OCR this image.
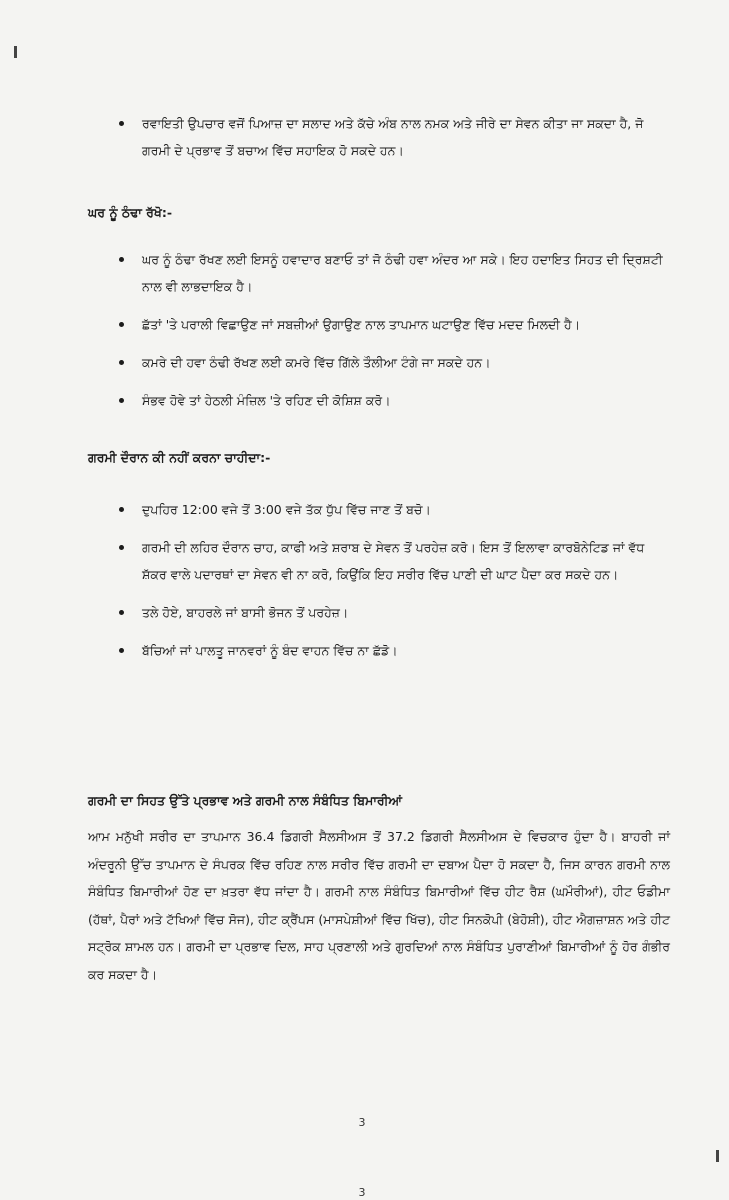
ਰਵਾਇਤੀ ਉਪਚਾਰ ਵਜੋਂ ਪਿਆਜ਼ ਦਾ ਸਲਾਦ ਅਤੇ ਕੱਚੇ ਅੰਬ ਨਾਲ ਨਮਕ ਅਤੇ ਜੀਰੇ ਦਾ ਸੇਵਨ ਕੀਤਾ ਜਾ ਸਕਦਾ ਹੈ, ਜੋ ਗਰਮੀ ਦੇ ਪ੍ਰਭਾਵ ਤੋਂ ਬਚਾਅ ਵਿੱਚ ਸਹਾਇਕ ਹੋ ਸਕਦੇ ਹਨ।
ਘਰ ਨੂੰ ਠੰਢਾ ਰੱਖੋ:-
ਘਰ ਨੂੰ ਠੰਢਾ ਰੱਖਣ ਲਈ ਇਸਨੂੰ ਹਵਾਦਾਰ ਬਣਾਓ ਤਾਂ ਜੋ ਠੰਢੀ ਹਵਾ ਅੰਦਰ ਆ ਸਕੇ। ਇਹ ਹਦਾਇਤ ਸਿਹਤ ਦੀ ਦ੍ਰਿਸ਼ਟੀ ਨਾਲ ਵੀ ਲਾਭਦਾਇਕ ਹੈ।
ਛੱਤਾਂ 'ਤੇ ਪਰਾਲੀ ਵਿਛਾਉਣ ਜਾਂ ਸਬਜ਼ੀਆਂ ਉਗਾਉਣ ਨਾਲ ਤਾਪਮਾਨ ਘਟਾਉਣ ਵਿੱਚ ਮਦਦ ਮਿਲਦੀ ਹੈ।
ਕਮਰੇ ਦੀ ਹਵਾ ਠੰਢੀ ਰੱਖਣ ਲਈ ਕਮਰੇ ਵਿੱਚ ਗਿੱਲੇ ਤੌਲੀਆ ਟੰਗੇ ਜਾ ਸਕਦੇ ਹਨ।
ਸੰਭਵ ਹੋਵੇ ਤਾਂ ਹੇਠਲੀ ਮੰਜ਼ਿਲ 'ਤੇ ਰਹਿਣ ਦੀ ਕੋਸ਼ਿਸ਼ ਕਰੋ।
ਗਰਮੀ ਦੌਰਾਨ ਕੀ ਨਹੀਂ ਕਰਨਾ ਚਾਹੀਦਾ:-
ਦੁਪਹਿਰ 12:00 ਵਜੇ ਤੋਂ 3:00 ਵਜੇ ਤੱਕ ਧੁੱਪ ਵਿੱਚ ਜਾਣ ਤੋਂ ਬਚੋ।
ਗਰਮੀ ਦੀ ਲਹਿਰ ਦੌਰਾਨ ਚਾਹ, ਕਾਫੀ ਅਤੇ ਸ਼ਰਾਬ ਦੇ ਸੇਵਨ ਤੋਂ ਪਰਹੇਜ਼ ਕਰੋ। ਇਸ ਤੋਂ ਇਲਾਵਾ ਕਾਰਬੋਨੇਟਿਡ ਜਾਂ ਵੱਧ ਸ਼ੱਕਰ ਵਾਲੇ ਪਦਾਰਥਾਂ ਦਾ ਸੇਵਨ ਵੀ ਨਾ ਕਰੋ, ਕਿਉਂਕਿ ਇਹ ਸਰੀਰ ਵਿੱਚ ਪਾਣੀ ਦੀ ਘਾਟ ਪੈਦਾ ਕਰ ਸਕਦੇ ਹਨ।
ਤਲੇ ਹੋਏ, ਬਾਹਰਲੇ ਜਾਂ ਬਾਸੀ ਭੋਜਨ ਤੋਂ ਪਰਹੇਜ਼।
ਬੱਚਿਆਂ ਜਾਂ ਪਾਲਤੂ ਜਾਨਵਰਾਂ ਨੂੰ ਬੰਦ ਵਾਹਨ ਵਿੱਚ ਨਾ ਛੱਡੋ।
ਗਰਮੀ ਦਾ ਸਿਹਤ ਉੱਤੇ ਪ੍ਰਭਾਵ ਅਤੇ ਗਰਮੀ ਨਾਲ ਸੰਬੰਧਿਤ ਬਿਮਾਰੀਆਂ

ਆਮ ਮਨੁੱਖੀ ਸਰੀਰ ਦਾ ਤਾਪਮਾਨ 36.4 ਡਿਗਰੀ ਸੈਲਸੀਅਸ ਤੋਂ 37.2 ਡਿਗਰੀ ਸੈਲਸੀਅਸ ਦੇ ਵਿਚਕਾਰ ਹੁੰਦਾ ਹੈ। ਬਾਹਰੀ ਜਾਂ ਅੰਦਰੂਨੀ ਉੱਚ ਤਾਪਮਾਨ ਦੇ ਸੰਪਰਕ ਵਿੱਚ ਰਹਿਣ ਨਾਲ ਸਰੀਰ ਵਿੱਚ ਗਰਮੀ ਦਾ ਦਬਾਅ ਪੈਦਾ ਹੋ ਸਕਦਾ ਹੈ, ਜਿਸ ਕਾਰਨ ਗਰਮੀ ਨਾਲ ਸੰਬੰਧਿਤ ਬਿਮਾਰੀਆਂ ਹੋਣ ਦਾ ਖ਼ਤਰਾ ਵੱਧ ਜਾਂਦਾ ਹੈ। ਗਰਮੀ ਨਾਲ ਸੰਬੰਧਿਤ ਬਿਮਾਰੀਆਂ ਵਿੱਚ ਹੀਟ ਰੈਸ਼ (ਘਮੌਰੀਆਂ), ਹੀਟ ਓਡੀਮਾ (ਹੱਥਾਂ, ਪੈਰਾਂ ਅਤੇ ਟੱਖਿਆਂ ਵਿੱਚ ਸੋਜ), ਹੀਟ ਕ੍ਰੈਂਪਸ (ਮਾਸਪੇਸ਼ੀਆਂ ਵਿੱਚ ਖਿੱਚ), ਹੀਟ ਸਿਨਕੋਪੀ (ਬੇਹੋਸ਼ੀ), ਹੀਟ ਐਗਜ਼ਾਸ਼ਨ ਅਤੇ ਹੀਟ ਸਟ੍ਰੋਕ ਸ਼ਾਮਲ ਹਨ। ਗਰਮੀ ਦਾ ਪ੍ਰਭਾਵ ਦਿਲ, ਸਾਹ ਪ੍ਰਣਾਲੀ ਅਤੇ ਗੁਰਦਿਆਂ ਨਾਲ ਸੰਬੰਧਿਤ ਪੁਰਾਣੀਆਂ ਬਿਮਾਰੀਆਂ ਨੂੰ ਹੋਰ ਗੰਭੀਰ ਕਰ ਸਕਦਾ ਹੈ।

3
3
